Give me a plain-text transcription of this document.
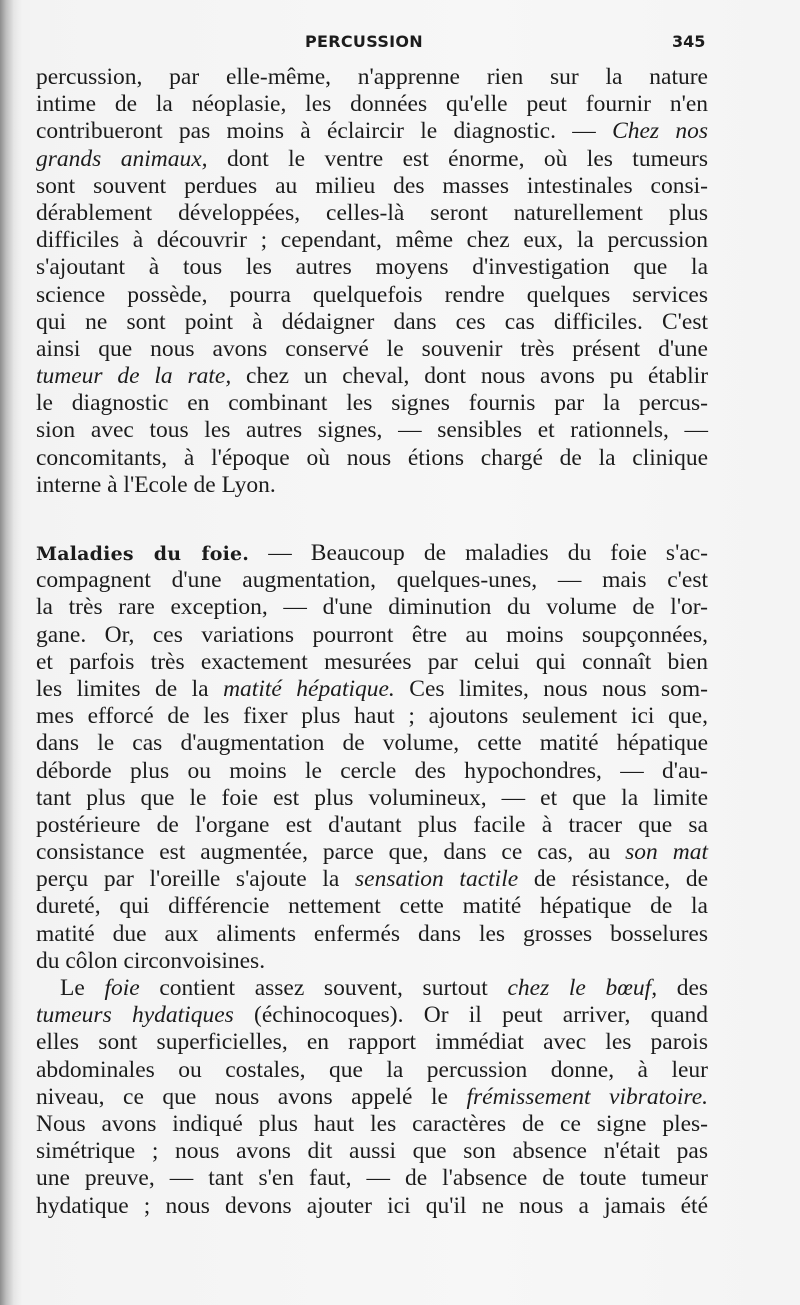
PERCUSSION	345
percussion, par elle-même, n'apprenne rien sur la nature
intime de la néoplasie, les données qu'elle peut fournir n'en
contribueront pas moins à éclaircir le diagnostic. — Chez nos
grands animaux, dont le ventre est énorme, où les tumeurs
sont souvent perdues au milieu des masses intestinales consi-
dérablement développées, celles-là seront naturellement plus
difficiles à découvrir ; cependant, même chez eux, la percussion
s'ajoutant à tous les autres moyens d'investigation que la
science possède, pourra quelquefois rendre quelques services
qui ne sont point à dédaigner dans ces cas difficiles. C'est
ainsi que nous avons conservé le souvenir très présent d'une
tumeur de la rate, chez un cheval, dont nous avons pu établir
le diagnostic en combinant les signes fournis par la percus-
sion avec tous les autres signes, — sensibles et rationnels, —
concomitants, à l'époque où nous étions chargé de la clinique
interne à l'Ecole de Lyon.
Maladies du foie. — Beaucoup de maladies du foie s'ac-
compagnent d'une augmentation, quelques-unes, — mais c'est
la très rare exception, — d'une diminution du volume de l'or-
gane. Or, ces variations pourront être au moins soupçonnées,
et parfois très exactement mesurées par celui qui connaît bien
les limites de la matité hépatique. Ces limites, nous nous som-
mes efforcé de les fixer plus haut ; ajoutons seulement ici que,
dans le cas d'augmentation de volume, cette matité hépatique
déborde plus ou moins le cercle des hypochondres, — d'au-
tant plus que le foie est plus volumineux, — et que la limite
postérieure de l'organe est d'autant plus facile à tracer que sa
consistance est augmentée, parce que, dans ce cas, au son mat
perçu par l'oreille s'ajoute la sensation tactile de résistance, de
dureté, qui différencie nettement cette matité hépatique de la
matité due aux aliments enfermés dans les grosses bosselures
du côlon circonvoisines.
Le foie contient assez souvent, surtout chez le bœuf, des
tumeurs hydatiques (échinocoques). Or il peut arriver, quand
elles sont superficielles, en rapport immédiat avec les parois
abdominales ou costales, que la percussion donne, à leur
niveau, ce que nous avons appelé le frémissement vibratoire.
Nous avons indiqué plus haut les caractères de ce signe ples-
simétrique ; nous avons dit aussi que son absence n'était pas
une preuve, — tant s'en faut, — de l'absence de toute tumeur
hydatique ; nous devons ajouter ici qu'il ne nous a jamais été
